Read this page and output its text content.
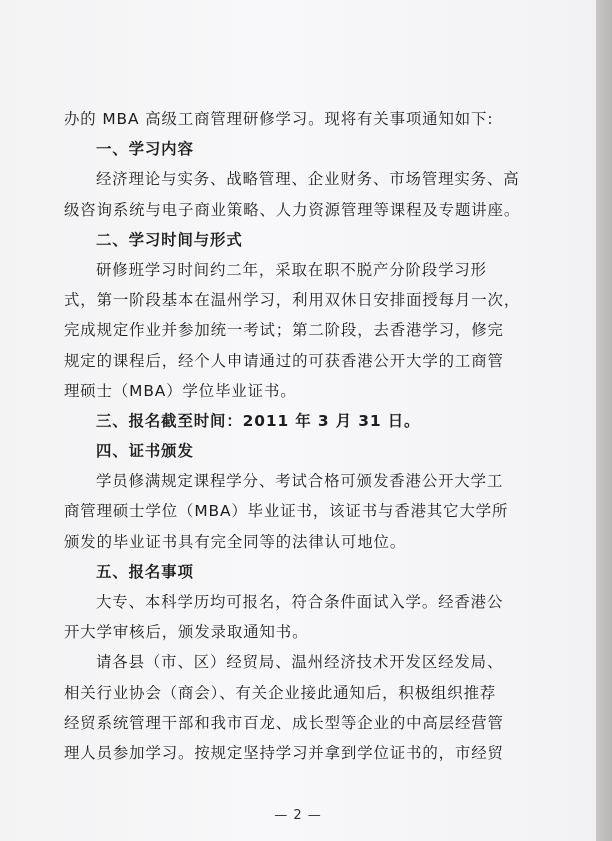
办的 MBA 高级工商管理研修学习。现将有关事项通知如下:
一、学习内容
经济理论与实务、战略管理、企业财务、市场管理实务、高
级咨询系统与电子商业策略、人力资源管理等课程及专题讲座。
二、学习时间与形式
研修班学习时间约二年，采取在职不脱产分阶段学习形
式，第一阶段基本在温州学习，利用双休日安排面授每月一次，
完成规定作业并参加统一考试；第二阶段，去香港学习，修完
规定的课程后，经个人申请通过的可获香港公开大学的工商管
理硕士（MBA）学位毕业证书。
三、报名截至时间：2011 年 3 月 31 日。
四、证书颁发
学员修满规定课程学分、考试合格可颁发香港公开大学工
商管理硕士学位（MBA）毕业证书，该证书与香港其它大学所
颁发的毕业证书具有完全同等的法律认可地位。
五、报名事项
大专、本科学历均可报名，符合条件面试入学。经香港公
开大学审核后，颁发录取通知书。
请各县（市、区）经贸局、温州经济技术开发区经发局、
相关行业协会（商会）、有关企业接此通知后，积极组织推荐
经贸系统管理干部和我市百龙、成长型等企业的中高层经营管
理人员参加学习。按规定坚持学习并拿到学位证书的，市经贸
— 2 —
